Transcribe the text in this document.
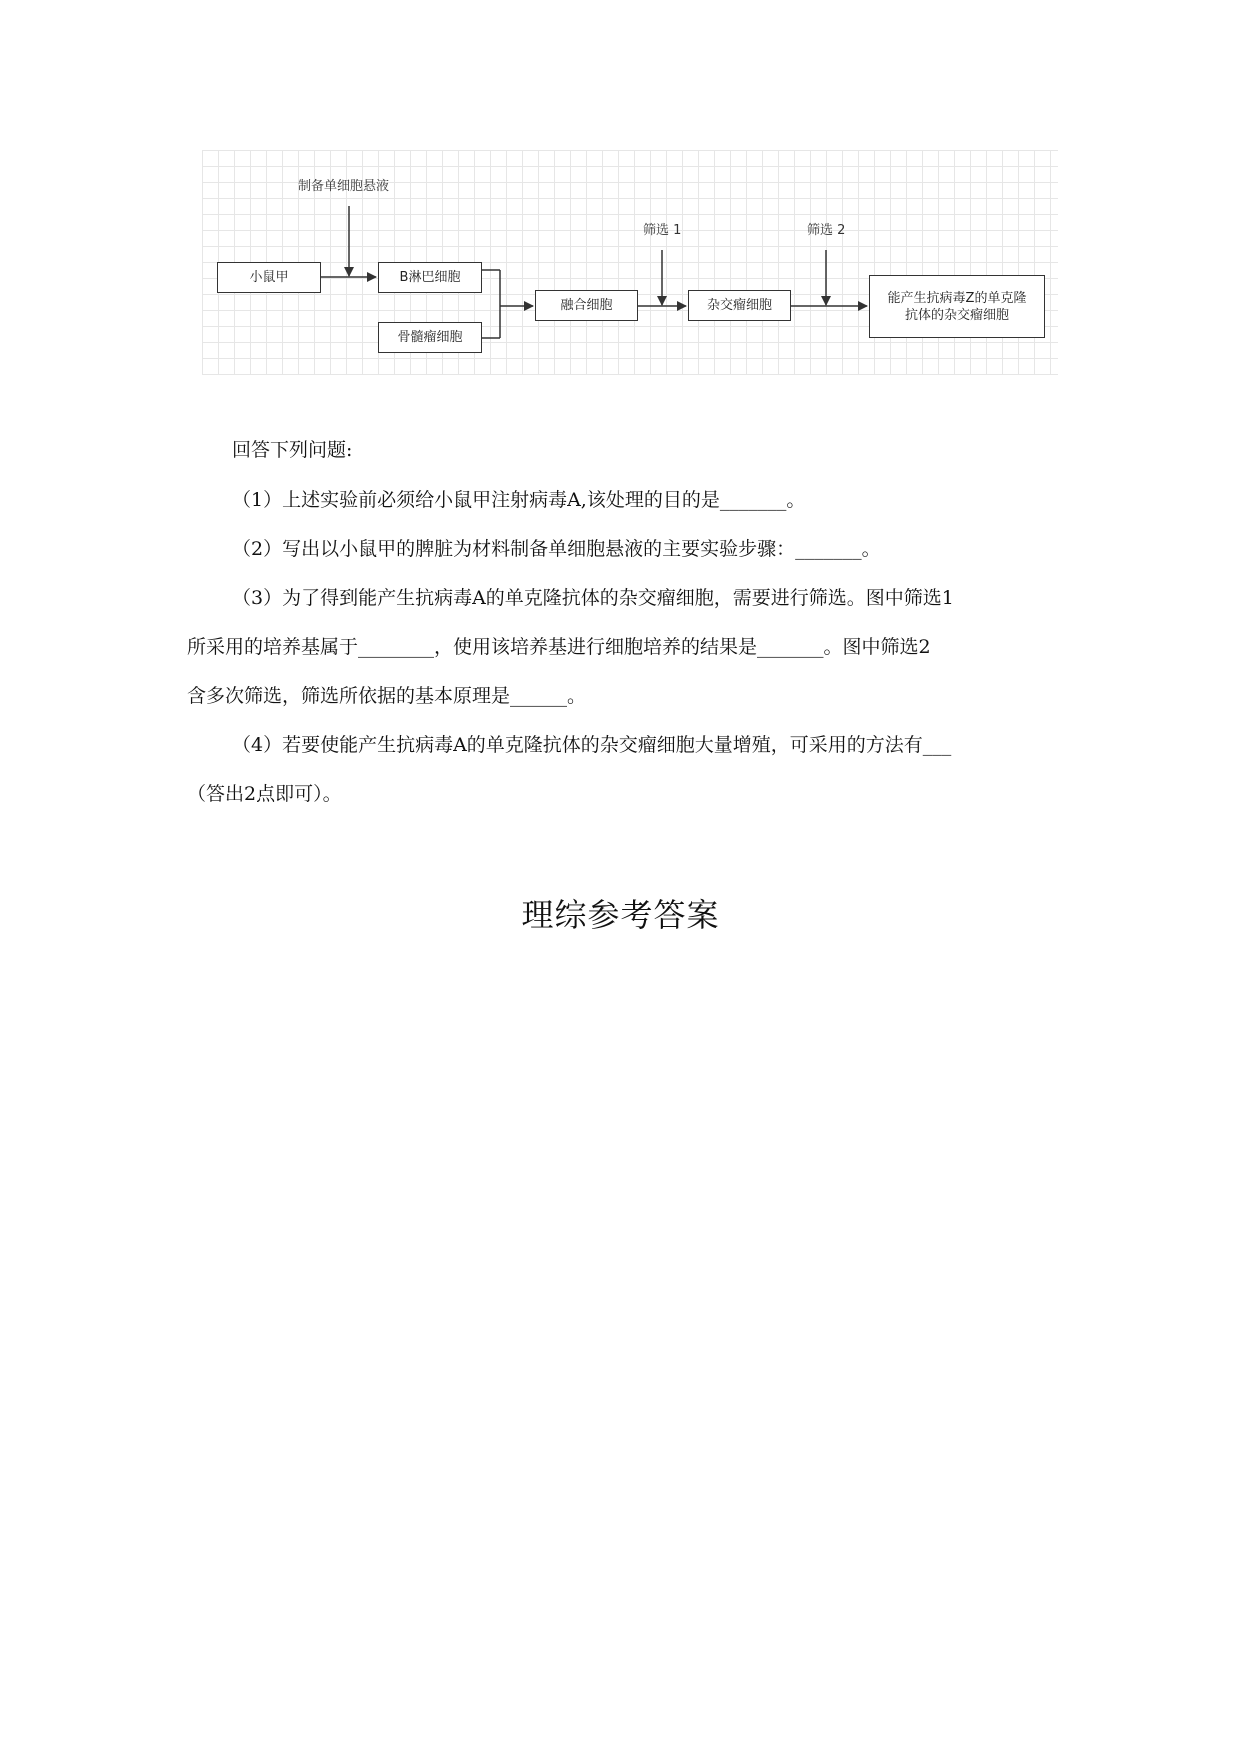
制备单细胞悬液
筛选 1	筛选 2
小鼠甲	B淋巴细胞
骨髓瘤细胞
融合细胞	杂交瘤细胞	能产生抗病毒Z的单克隆
抗体的杂交瘤细胞
回答下列问题:
（1）上述实验前必须给小鼠甲注射病毒A,该处理的目的是_______。
（2）写出以小鼠甲的脾脏为材料制备单细胞悬液的主要实验步骤：_______。
（3）为了得到能产生抗病毒A的单克隆抗体的杂交瘤细胞，需要进行筛选。图中筛选1
所采用的培养基属于________，使用该培养基进行细胞培养的结果是_______。图中筛选2
含多次筛选，筛选所依据的基本原理是______。
（4）若要使能产生抗病毒A的单克隆抗体的杂交瘤细胞大量增殖，可采用的方法有___
（答出2点即可）。
理综参考答案
